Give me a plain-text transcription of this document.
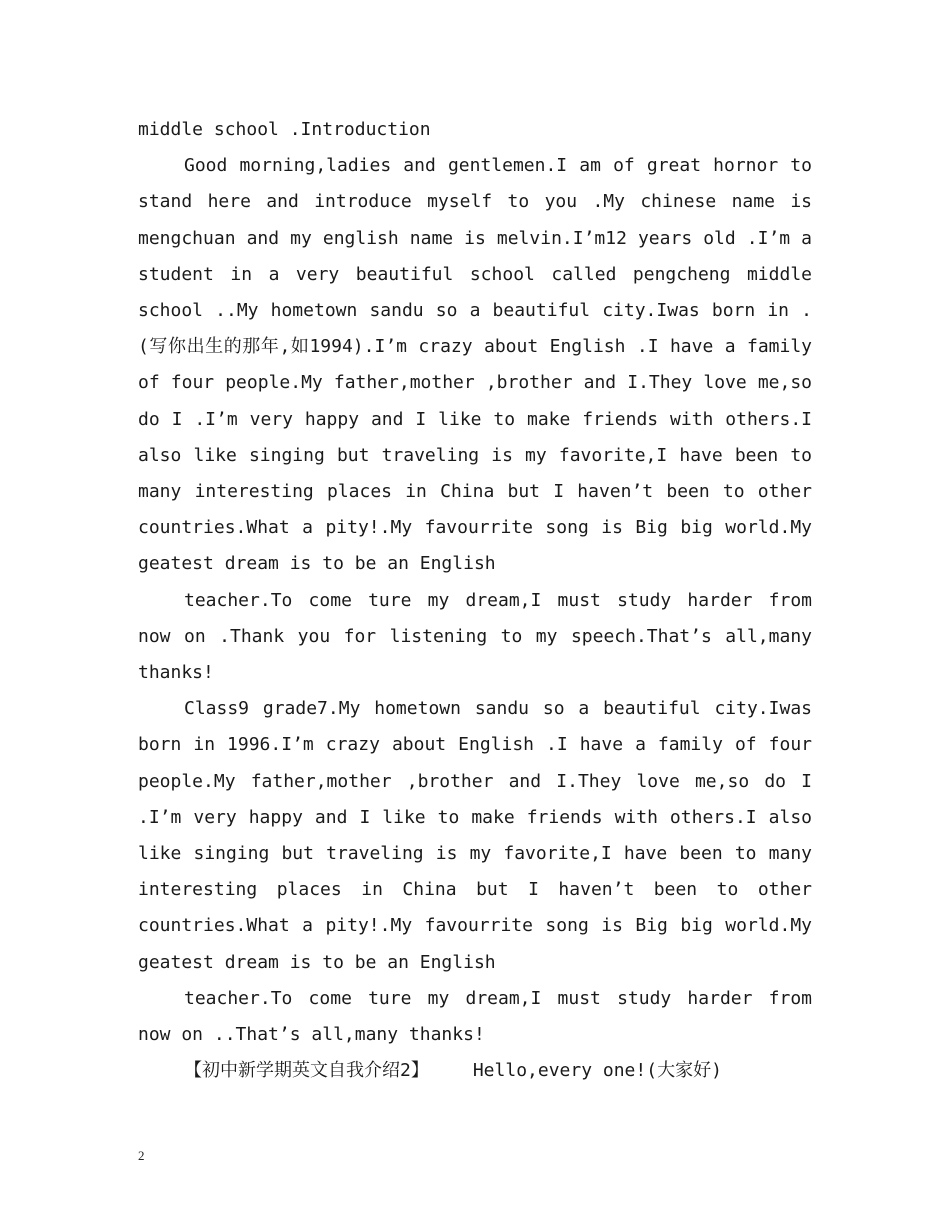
middle school .Introduction

Good morning,ladies and gentlemen.I am of great hornor to stand here and introduce myself to you .My chinese name is mengchuan and my english name is melvin.I’m12 years old .I’m a student in a very beautiful school called pengcheng middle school ..My hometown sandu so a beautiful city.Iwas born in .(写你出生的那年,如1994).I’m crazy about English .I have a family of four people.My father,mother ,brother and I.They love me,so do I .I’m very happy and I like to make friends with others.I also like singing but traveling is my favorite,I have been to many interesting places in China but I haven’t been to other countries.What a pity!.My favourrite song is Big big world.My geatest dream is to be an English

teacher.To come ture my dream,I must study harder from now on .Thank you for listening to my speech.That’s all,many thanks!

Class9 grade7.My hometown sandu so a beautiful city.Iwas born in 1996.I’m crazy about English .I have a family of four people.My father,mother ,brother and I.They love me,so do I .I’m very happy and I like to make friends with others.I also like singing but traveling is my favorite,I have been to many interesting places in China but I haven’t been to other countries.What a pity!.My favourrite song is Big big world.My geatest dream is to be an English

teacher.To come ture my dream,I must study harder from now on ..That’s all,many thanks!

【初中新学期英文自我介绍2】 Hello,every one!(大家好)

2
